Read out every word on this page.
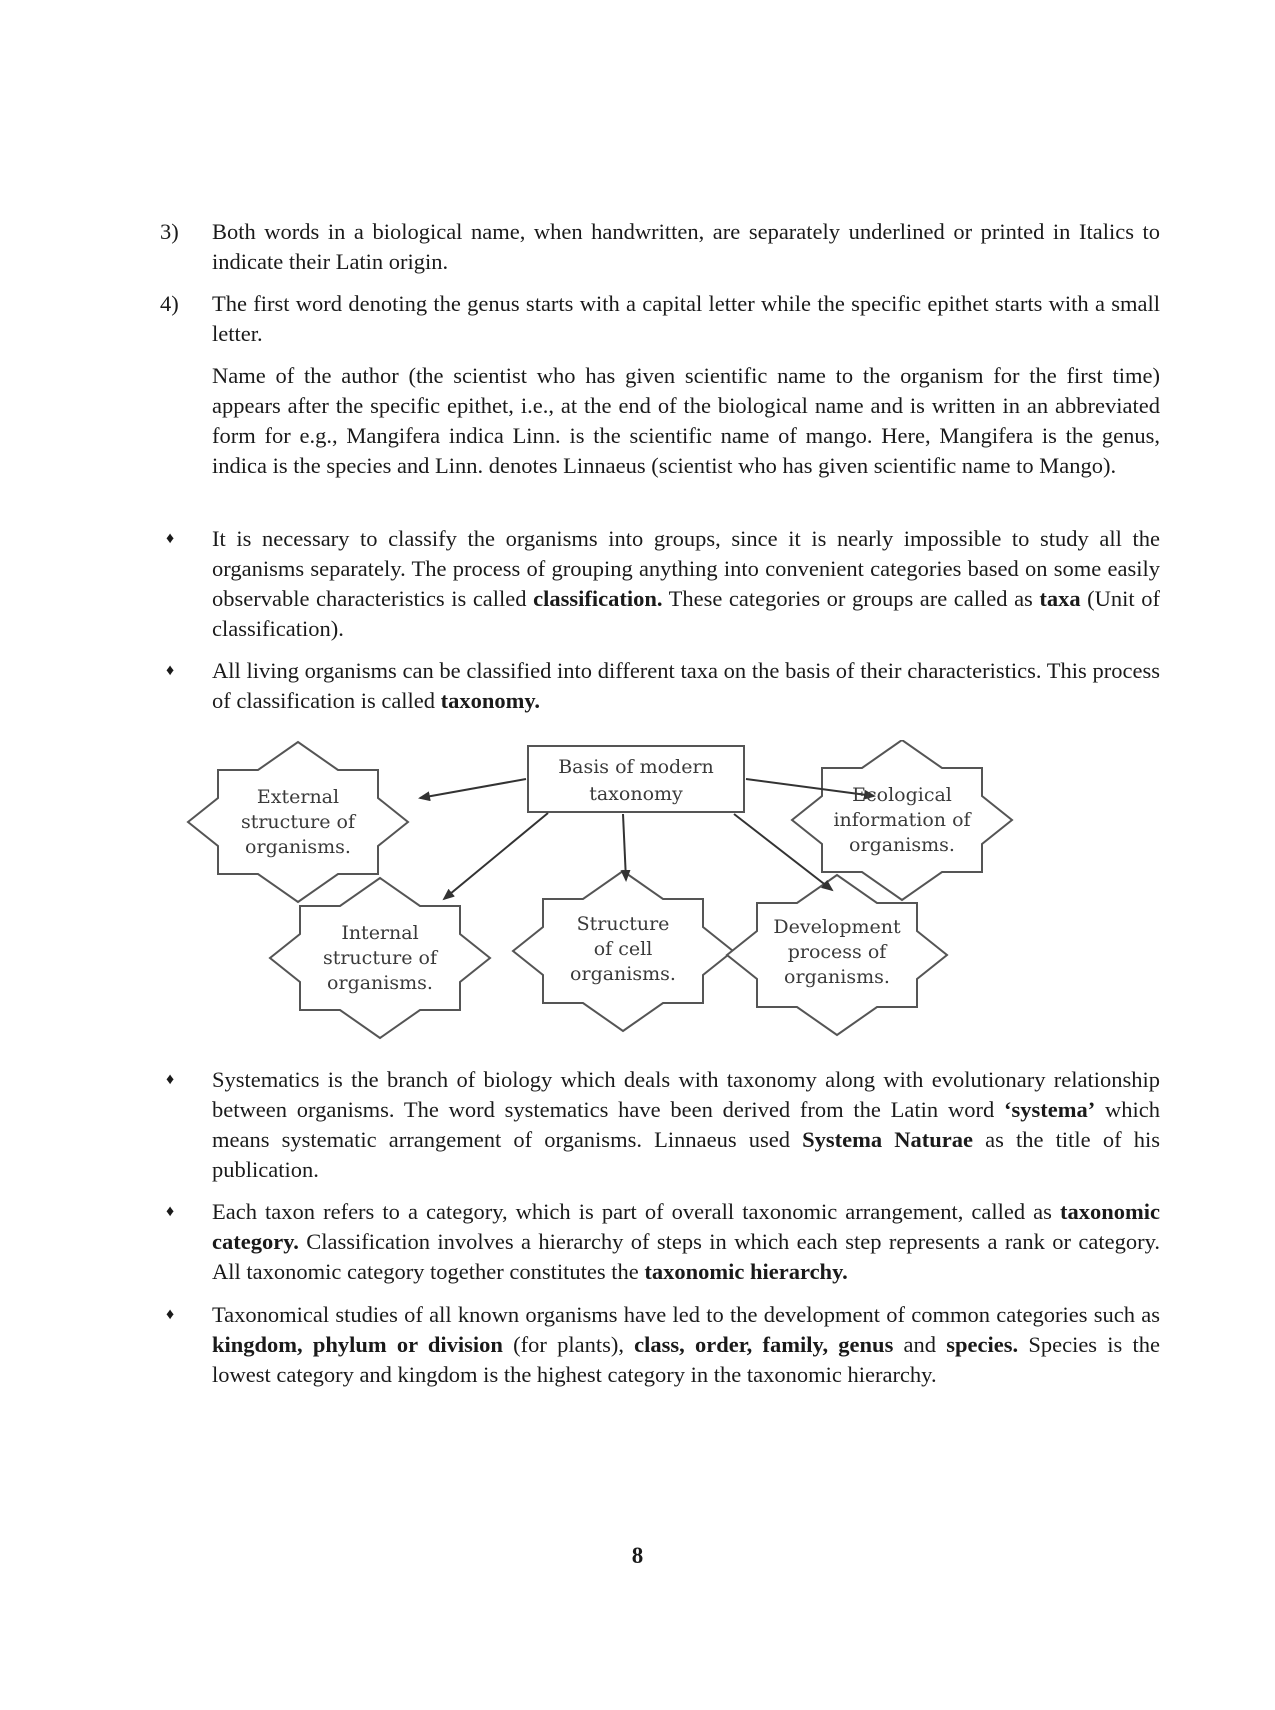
3)	Both words in a biological name, when handwritten, are separately underlined or printed in Italics to indicate their Latin origin.

4)	The first word denoting the genus starts with a capital letter while the specific epithet starts with a small letter.

Name of the author (the scientist who has given scientific name to the organism for the first time) appears after the specific epithet, i.e., at the end of the biological name and is written in an abbreviated form for e.g., Mangifera indica Linn. is the scientific name of mango. Here, Mangifera is the genus, indica is the species and Linn. denotes Linnaeus (scientist who has given scientific name to Mango).

♦	It is necessary to classify the organisms into groups, since it is nearly impossible to study all the organisms separately. The process of grouping anything into convenient categories based on some easily observable characteristics is called classification. These categories or groups are called as taxa (Unit of classification).

♦	All living organisms can be classified into different taxa on the basis of their characteristics. This process of classification is called taxonomy.

Basis of modern
taxonomy
External
structure of
organisms.
Ecological
information of
organisms.
Internal
structure of
organisms.
Structure
of cell
organisms.
Development
process of
organisms.
♦	Systematics is the branch of biology which deals with taxonomy along with evolutionary relationship between organisms. The word systematics have been derived from the Latin word ‘systema’ which means systematic arrangement of organisms. Linnaeus used Systema Naturae as the title of his publication.

♦	Each taxon refers to a category, which is part of overall taxonomic arrangement, called as taxonomic category. Classification involves a hierarchy of steps in which each step represents a rank or category. All taxonomic category together constitutes the taxonomic hierarchy.

♦	Taxonomical studies of all known organisms have led to the development of common categories such as kingdom, phylum or division (for plants), class, order, family, genus and species. Species is the lowest category and kingdom is the highest category in the taxonomic hierarchy.

8
